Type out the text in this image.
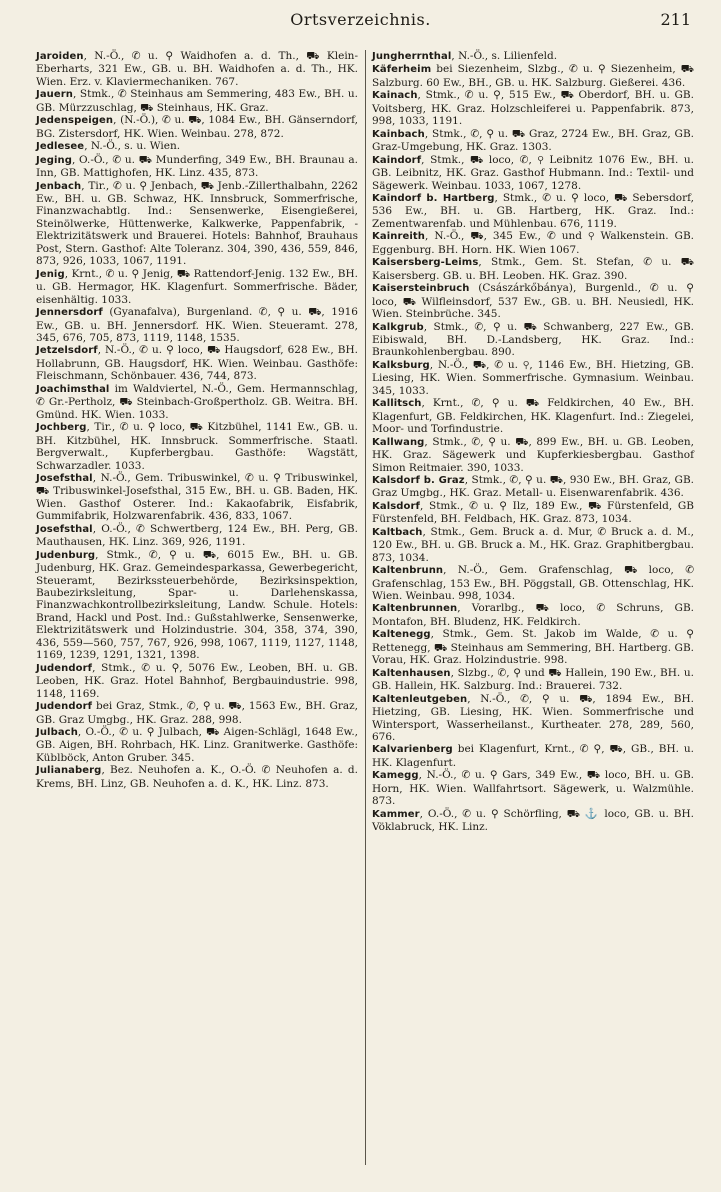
Ortsverzeichnis.	211

Jaroiden, N.-Ö., ✆ u. ⚲ Waidhofen a. d. Th., ⛟ Klein-Eberharts, 321 Ew., GB. u. BH. Waidhofen a. d. Th., HK. Wien. Erz. v. Klaviermechaniken. 767.

Jauern, Stmk., ✆ Steinhaus am Semmering, 483 Ew., BH. u. GB. Mürzzuschlag, ⛟ Steinhaus, HK. Graz.

Jedenspeigen, (N.-Ö.), ✆ u. ⛟, 1084 Ew., BH. Gänserndorf, BG. Zistersdorf, HK. Wien. Weinbau. 278, 872.

Jedlesee, N.-Ö., s. u. Wien.

Jeging, O.-Ö., ✆ u. ⛟ Munderfing, 349 Ew., BH. Braunau a. Inn, GB. Mattighofen, HK. Linz. 435, 873.

Jenbach, Tir., ✆ u. ⚲ Jenbach, ⛟ Jenb.-Zillerthalbahn, 2262 Ew., BH. u. GB. Schwaz, HK. Innsbruck, Sommerfrische, Finanzwachabtlg. Ind.: Sensenwerke, Eisengießerei, Steinölwerke, Hüttenwerke, Kalkwerke, Pappenfabrik, - Elektrizitätswerk und Brauerei. Hotels: Bahnhof, Brauhaus Post, Stern. Gasthof: Alte Toleranz. 304, 390, 436, 559, 846, 873, 926, 1033, 1067, 1191.

Jenig, Krnt., ✆ u. ⚲ Jenig, ⛟ Rattendorf-Jenig. 132 Ew., BH. u. GB. Hermagor, HK. Klagenfurt. Sommerfrische. Bäder, eisenhältig. 1033.

Jennersdorf (Gyanafalva), Burgenland. ✆, ⚲ u. ⛟, 1916 Ew., GB. u. BH. Jennersdorf. HK. Wien. Steueramt. 278, 345, 676, 705, 873, 1119, 1148, 1535.

Jetzelsdorf, N.-Ö., ✆ u. ⚲ loco, ⛟ Haugsdorf, 628 Ew., BH. Hollabrunn, GB. Haugsdorf, HK. Wien. Weinbau. Gasthöfe: Fleischmann, Schönbauer. 436, 744, 873.

Joachimsthal im Waldviertel, N.-Ö., Gem. Hermannschlag, ✆ Gr.-Pertholz, ⛟ Steinbach-Großpertholz. GB. Weitra. BH. Gmünd. HK. Wien. 1033.

Jochberg, Tir., ✆ u. ⚲ loco, ⛟ Kitzbühel, 1141 Ew., GB. u. BH. Kitzbühel, HK. Innsbruck. Sommerfrische. Staatl. Bergverwalt., Kupferbergbau. Gasthöfe: Wagstätt, Schwarzadler. 1033.

Josefsthal, N.-Ö., Gem. Tribuswinkel, ✆ u. ⚲ Tribuswinkel, ⛟ Tribuswinkel-Josefsthal, 315 Ew., BH. u. GB. Baden, HK. Wien. Gasthof Osterer. Ind.: Kakaofabrik, Eisfabrik, Gummifabrik, Holzwarenfabrik. 436, 833, 1067.

Josefsthal, O.-Ö., ✆ Schwertberg, 124 Ew., BH. Perg, GB. Mauthausen, HK. Linz. 369, 926, 1191.

Judenburg, Stmk., ✆, ⚲ u. ⛟, 6015 Ew., BH. u. GB. Judenburg, HK. Graz. Gemeindesparkassa, Gewerbegericht, Steueramt, Bezirkssteuerbehörde, Bezirksinspektion, Baubezirksleitung, Spar- u. Darlehenskassa, Finanzwachkontrollbezirksleitung, Landw. Schule. Hotels: Brand, Hackl und Post. Ind.: Gußstahlwerke, Sensenwerke, Elektrizitätswerk und Holzindustrie. 304, 358, 374, 390, 436, 559—560, 757, 767, 926, 998, 1067, 1119, 1127, 1148, 1169, 1239, 1291, 1321, 1398.

Judendorf, Stmk., ✆ u. ⚲, 5076 Ew., Leoben, BH. u. GB. Leoben, HK. Graz. Hotel Bahnhof, Bergbauindustrie. 998, 1148, 1169.

Judendorf bei Graz, Stmk., ✆, ⚲ u. ⛟, 1563 Ew., BH. Graz, GB. Graz Umgbg., HK. Graz. 288, 998.

Julbach, O.-Ö., ✆ u. ⚲ Julbach, ⛟ Aigen-Schlägl, 1648 Ew., GB. Aigen, BH. Rohrbach, HK. Linz. Granitwerke. Gasthöfe: Küblböck, Anton Gruber. 345.

Julianaberg, Bez. Neuhofen a. K., O.-Ö. ✆ Neuhofen a. d. Krems, BH. Linz, GB. Neuhofen a. d. K., HK. Linz. 873.

Jungherrnthal, N.-Ö., s. Lilienfeld.

Käferheim bei Siezenheim, Slzbg., ✆ u. ⚲ Siezenheim, ⛟ Salzburg. 60 Ew., BH., GB. u. HK. Salzburg. Gießerei. 436.

Kainach, Stmk., ✆ u. ⚲, 515 Ew., ⛟ Oberdorf, BH. u. GB. Voitsberg, HK. Graz. Holzschleiferei u. Pappenfabrik. 873, 998, 1033, 1191.

Kainbach, Stmk., ✆, ⚲ u. ⛟ Graz, 2724 Ew., BH. Graz, GB. Graz-Umgebung, HK. Graz. 1303.

Kaindorf, Stmk., ⛟ loco, ✆, ⚲ Leibnitz 1076 Ew., BH. u. GB. Leibnitz, HK. Graz. Gasthof Hubmann. Ind.: Textil- und Sägewerk. Weinbau. 1033, 1067, 1278.

Kaindorf b. Hartberg, Stmk., ✆ u. ⚲ loco, ⛟ Sebersdorf, 536 Ew., BH. u. GB. Hartberg, HK. Graz. Ind.: Zementwarenfab. und Mühlenbau. 676, 1119.

Kainreith, N.-Ö., ⛟, 345 Ew., ✆ und ⚲ Walkenstein. GB. Eggenburg. BH. Horn. HK. Wien 1067.

Kaisersberg-Leims, Stmk., Gem. St. Stefan, ✆ u. ⛟ Kaisersberg. GB. u. BH. Leoben. HK. Graz. 390.

Kaisersteinbruch (Császárkőbánya), Burgenld., ✆ u. ⚲ loco, ⛟ Wilfleinsdorf, 537 Ew., GB. u. BH. Neusiedl, HK. Wien. Steinbrüche. 345.

Kalkgrub, Stmk., ✆, ⚲ u. ⛟ Schwanberg, 227 Ew., GB. Eibiswald, BH. D.-Landsberg, HK. Graz. Ind.: Braunkohlenbergbau. 890.

Kalksburg, N.-Ö., ⛟, ✆ u. ⚲, 1146 Ew., BH. Hietzing, GB. Liesing, HK. Wien. Sommerfrische. Gymnasium. Weinbau. 345, 1033.

Kallitsch, Krnt., ✆, ⚲ u. ⛟ Feldkirchen, 40 Ew., BH. Klagenfurt, GB. Feldkirchen, HK. Klagenfurt. Ind.: Ziegelei, Moor- und Torfindustrie.

Kallwang, Stmk., ✆, ⚲ u. ⛟, 899 Ew., BH. u. GB. Leoben, HK. Graz. Sägewerk und Kupferkiesbergbau. Gasthof Simon Reitmaier. 390, 1033.

Kalsdorf b. Graz, Stmk., ✆, ⚲ u. ⛟, 930 Ew., BH. Graz, GB. Graz Umgbg., HK. Graz. Metall- u. Eisenwarenfabrik. 436.

Kalsdorf, Stmk., ✆ u. ⚲ Ilz, 189 Ew., ⛟ Fürstenfeld, GB Fürstenfeld, BH. Feldbach, HK. Graz. 873, 1034.

Kaltbach, Stmk., Gem. Bruck a. d. Mur, ✆ Bruck a. d. M., 120 Ew., BH. u. GB. Bruck a. M., HK. Graz. Graphitbergbau. 873, 1034.

Kaltenbrunn, N.-Ö., Gem. Grafenschlag, ⛟ loco, ✆ Grafenschlag, 153 Ew., BH. Pöggstall, GB. Ottenschlag, HK. Wien. Weinbau. 998, 1034.

Kaltenbrunnen, Vorarlbg., ⛟ loco, ✆ Schruns, GB. Montafon, BH. Bludenz, HK. Feldkirch.

Kaltenegg, Stmk., Gem. St. Jakob im Walde, ✆ u. ⚲ Rettenegg, ⛟ Steinhaus am Semmering, BH. Hartberg. GB. Vorau, HK. Graz. Holzindustrie. 998.

Kaltenhausen, Slzbg., ✆, ⚲ und ⛟ Hallein, 190 Ew., BH. u. GB. Hallein, HK. Salzburg. Ind.: Brauerei. 732.

Kaltenleutgeben, N.-Ö., ✆, ⚲ u. ⛟, 1894 Ew., BH. Hietzing, GB. Liesing, HK. Wien. Sommerfrische und Wintersport, Wasserheilanst., Kurtheater. 278, 289, 560, 676.

Kalvarienberg bei Klagenfurt, Krnt., ✆ ⚲, ⛟, GB., BH. u. HK. Klagenfurt.

Kamegg, N.-Ö., ✆ u. ⚲ Gars, 349 Ew., ⛟ loco, BH. u. GB. Horn, HK. Wien. Wallfahrtsort. Sägewerk, u. Walzmühle. 873.

Kammer, O.-Ö., ✆ u. ⚲ Schörfling, ⛟ ⚓ loco, GB. u. BH. Vöklabruck, HK. Linz.
